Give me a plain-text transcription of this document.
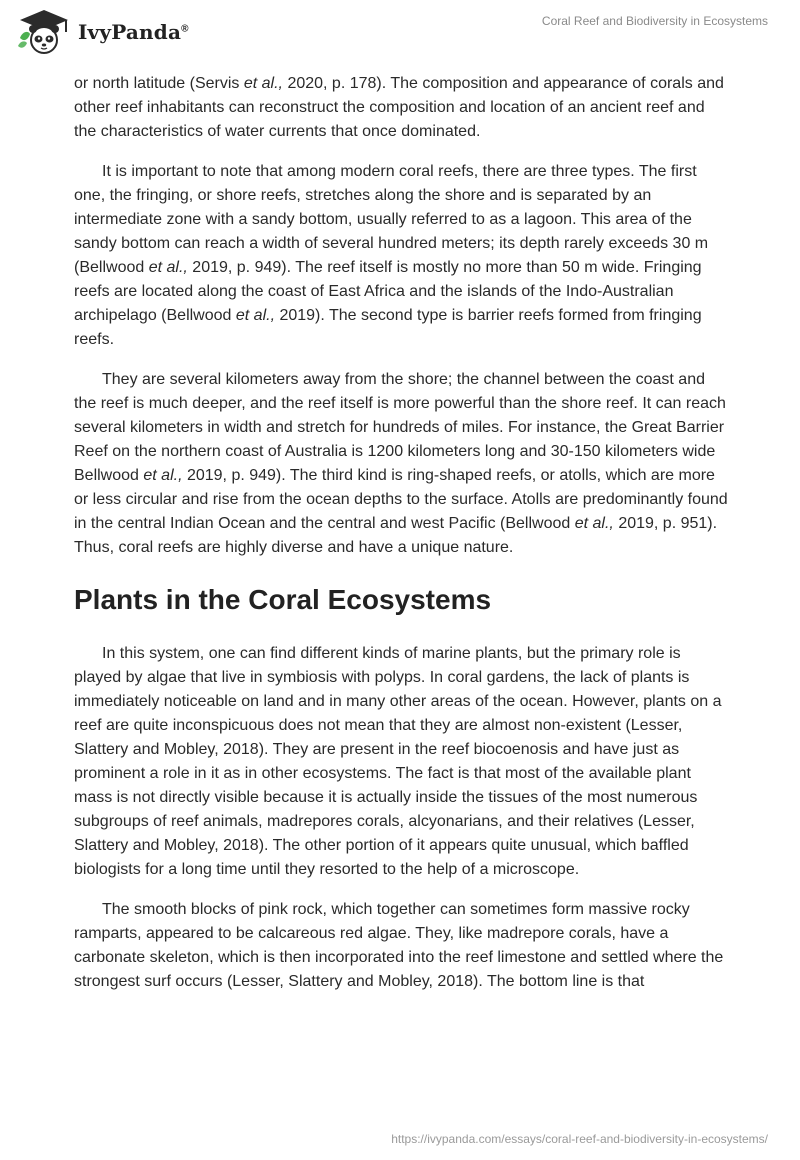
IvyPanda®
Coral Reef and Biodiversity in Ecosystems

or north latitude (Servis et al., 2020, p. 178). The composition and appearance of corals and other reef inhabitants can reconstruct the composition and location of an ancient reef and the characteristics of water currents that once dominated.

It is important to note that among modern coral reefs, there are three types. The first one, the fringing, or shore reefs, stretches along the shore and is separated by an intermediate zone with a sandy bottom, usually referred to as a lagoon. This area of the sandy bottom can reach a width of several hundred meters; its depth rarely exceeds 30 m (Bellwood et al., 2019, p. 949). The reef itself is mostly no more than 50 m wide. Fringing reefs are located along the coast of East Africa and the islands of the Indo-Australian archipelago (Bellwood et al., 2019). The second type is barrier reefs formed from fringing reefs.

They are several kilometers away from the shore; the channel between the coast and the reef is much deeper, and the reef itself is more powerful than the shore reef. It can reach several kilometers in width and stretch for hundreds of miles. For instance, the Great Barrier Reef on the northern coast of Australia is 1200 kilometers long and 30-150 kilometers wide Bellwood et al., 2019, p. 949). The third kind is ring-shaped reefs, or atolls, which are more or less circular and rise from the ocean depths to the surface. Atolls are predominantly found in the central Indian Ocean and the central and west Pacific (Bellwood et al., 2019, p. 951). Thus, coral reefs are highly diverse and have a unique nature.

Plants in the Coral Ecosystems

In this system, one can find different kinds of marine plants, but the primary role is played by algae that live in symbiosis with polyps. In coral gardens, the lack of plants is immediately noticeable on land and in many other areas of the ocean. However, plants on a reef are quite inconspicuous does not mean that they are almost non-existent (Lesser, Slattery and Mobley, 2018). They are present in the reef biocoenosis and have just as prominent a role in it as in other ecosystems. The fact is that most of the available plant mass is not directly visible because it is actually inside the tissues of the most numerous subgroups of reef animals, madrepores corals, alcyonarians, and their relatives (Lesser, Slattery and Mobley, 2018). The other portion of it appears quite unusual, which baffled biologists for a long time until they resorted to the help of a microscope.

The smooth blocks of pink rock, which together can sometimes form massive rocky ramparts, appeared to be calcareous red algae. They, like madrepore corals, have a carbonate skeleton, which is then incorporated into the reef limestone and settled where the strongest surf occurs (Lesser, Slattery and Mobley, 2018). The bottom line is that

https://ivypanda.com/essays/coral-reef-and-biodiversity-in-ecosystems/
